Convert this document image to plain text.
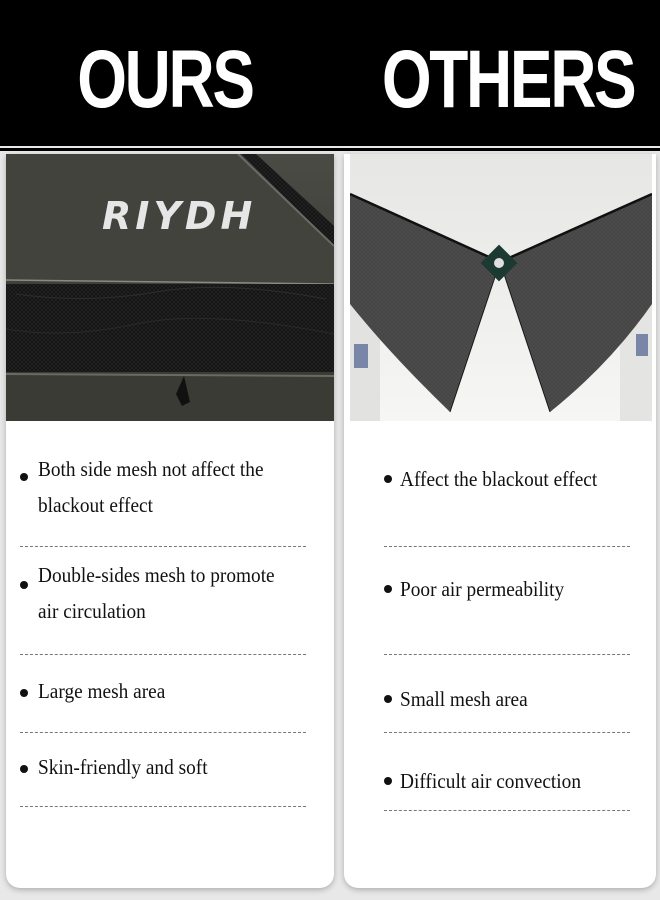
OURS OTHERS
RIYDH
Both side mesh not affect the blackout effect
Double-sides mesh to promote air circulation
Large mesh area
Skin-friendly and soft
Affect the blackout effect
Poor air permeability
Small mesh area
Difficult air convection
